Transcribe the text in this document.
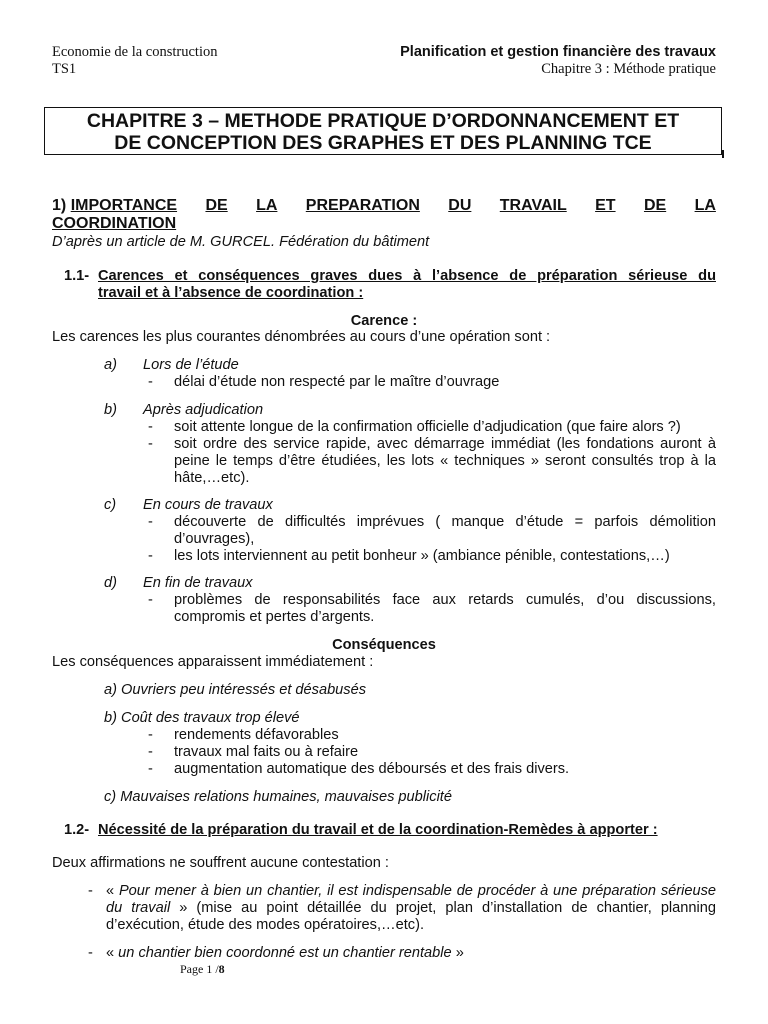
Economie de la construction
TS1
Planification et gestion financière des travaux
Chapitre 3 : Méthode pratique
CHAPITRE 3 – METHODE PRATIQUE D’ORDONNANCEMENT ET
DE CONCEPTION DES GRAPHES ET DES PLANNING TCE
1) IMPORTANCE DE LA PREPARATION DU TRAVAIL ET DE LA
COORDINATION
D’après un article de M. GURCEL. Fédération du bâtiment
1.1- Carences et conséquences graves dues à l’absence de préparation sérieuse du
travail et à l’absence de coordination :
Carence :
Les carences les plus courantes dénombrées au cours d’une opération sont :
a) Lors de l’étude
- délai d’étude non respecté par le maître d’ouvrage
b) Après adjudication
- soit attente longue de la confirmation officielle d’adjudication (que faire alors ?)
- soit ordre des service rapide, avec démarrage immédiat (les fondations auront à peine le temps d’être étudiées, les lots « techniques » seront consultés trop à la hâte,…etc).
c) En cours de travaux
- découverte de difficultés imprévues ( manque d’étude = parfois démolition d’ouvrages),
- les lots interviennent au petit bonheur » (ambiance pénible, contestations,…)
d) En fin de travaux
- problèmes de responsabilités face aux retards cumulés, d’ou discussions, compromis et pertes d’argents.
Conséquences
Les conséquences apparaissent immédiatement :
a) Ouvriers peu intéressés et désabusés
b) Coût des travaux trop élevé
- rendements défavorables
- travaux mal faits ou à refaire
- augmentation automatique des déboursés et des frais divers.
c) Mauvaises relations humaines, mauvaises publicité
1.2- Nécessité de la préparation du travail et de la coordination-Remèdes à apporter :
Deux affirmations ne souffrent aucune contestation :
- « Pour mener à bien un chantier, il est indispensable de procéder à une préparation sérieuse du travail » (mise au point détaillée du projet, plan d’installation de chantier, planning d’exécution, étude des modes opératoires,…etc).
- « un chantier bien coordonné est un chantier rentable »
Page 1 /8
